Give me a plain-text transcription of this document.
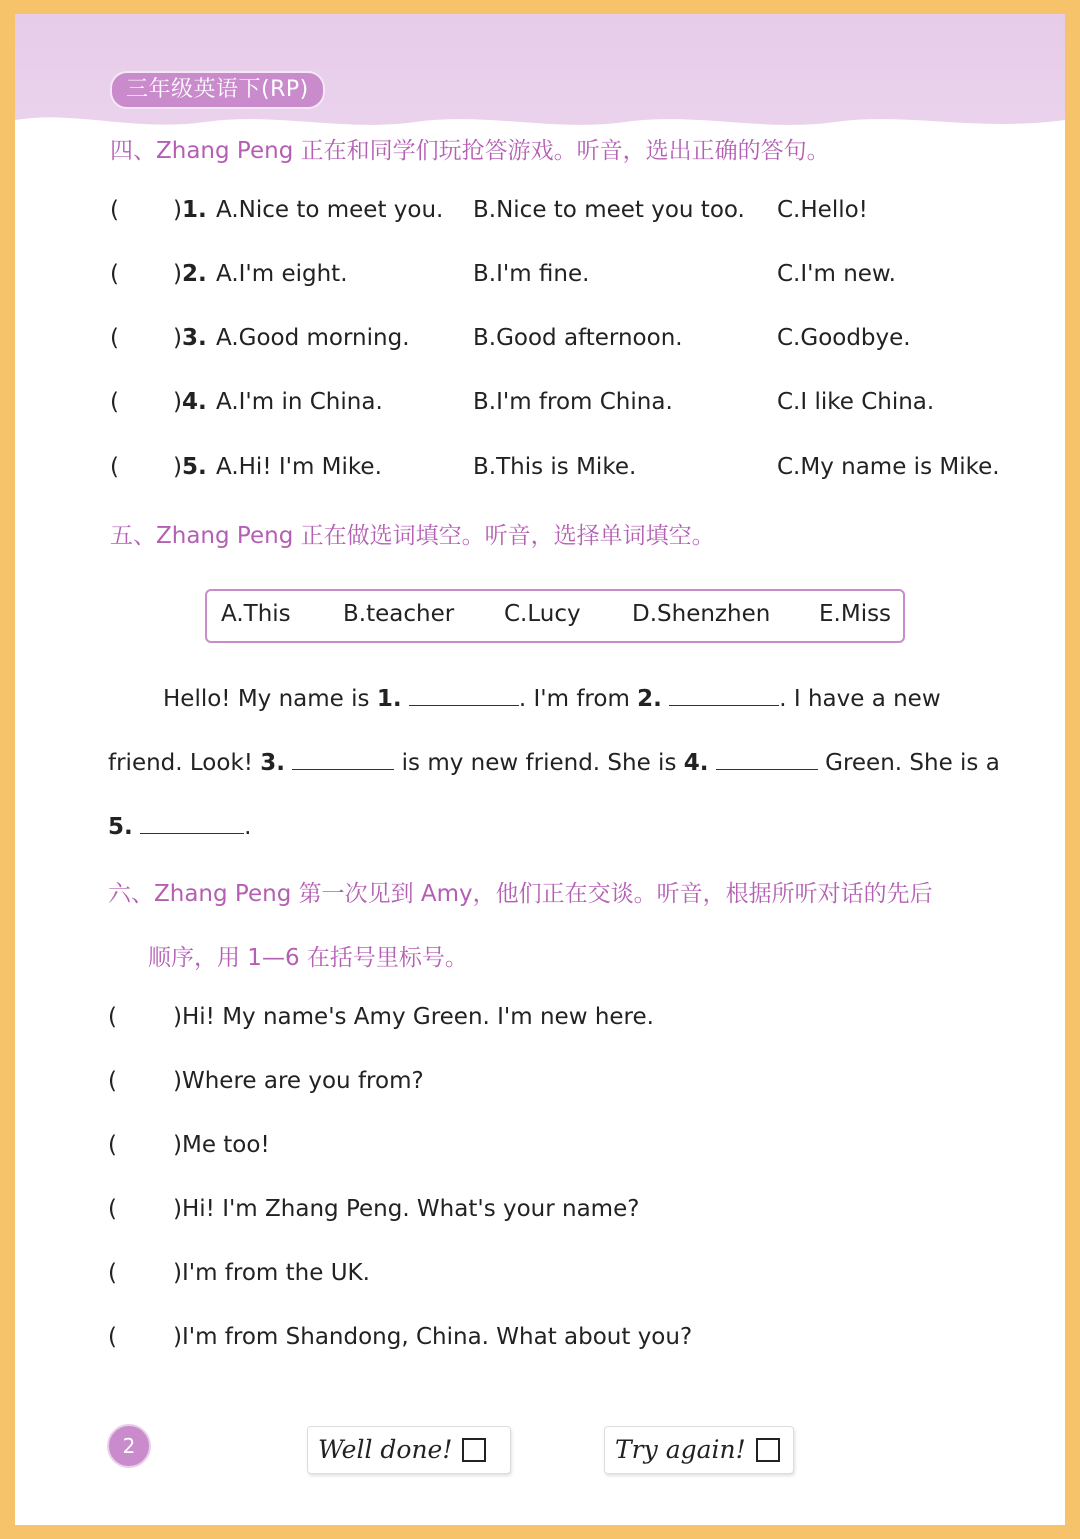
三年级英语下(RP)
四、Zhang Peng 正在和同学们玩抢答游戏。听音，选出正确的答句。
( )1. A.Nice to meet you. B.Nice to meet you too. C.Hello!
( )2. A.I'm eight.	B.I'm fine.	C.I'm new.
( )3. A.Good morning.	B.Good afternoon.	C.Goodbye.
( )4. A.I'm in China.	B.I'm from China.	C.I like China.
( )5. A.Hi! I'm Mike.	B.This is Mike.	C.My name is Mike.
五、Zhang Peng 正在做选词填空。听音，选择单词填空。
A.This B.teacher C.Lucy D.Shenzhen E.Miss
Hello! My name is 1.	. I'm from 2.	. I have a new
friend. Look! 3.	is my new friend. She is 4.	Green. She is a
5.	.
六、Zhang Peng 第一次见到 Amy，他们正在交谈。听音，根据所听对话的先后
顺序，用 1—6 在括号里标号。
( )Hi! My name's Amy Green. I'm new here.
( )Where are you from?
( )Me too!
( )Hi! I'm Zhang Peng. What's your name?
( )I'm from the UK.
( )I'm from Shandong, China. What about you?
2	Well done!	Try again!
